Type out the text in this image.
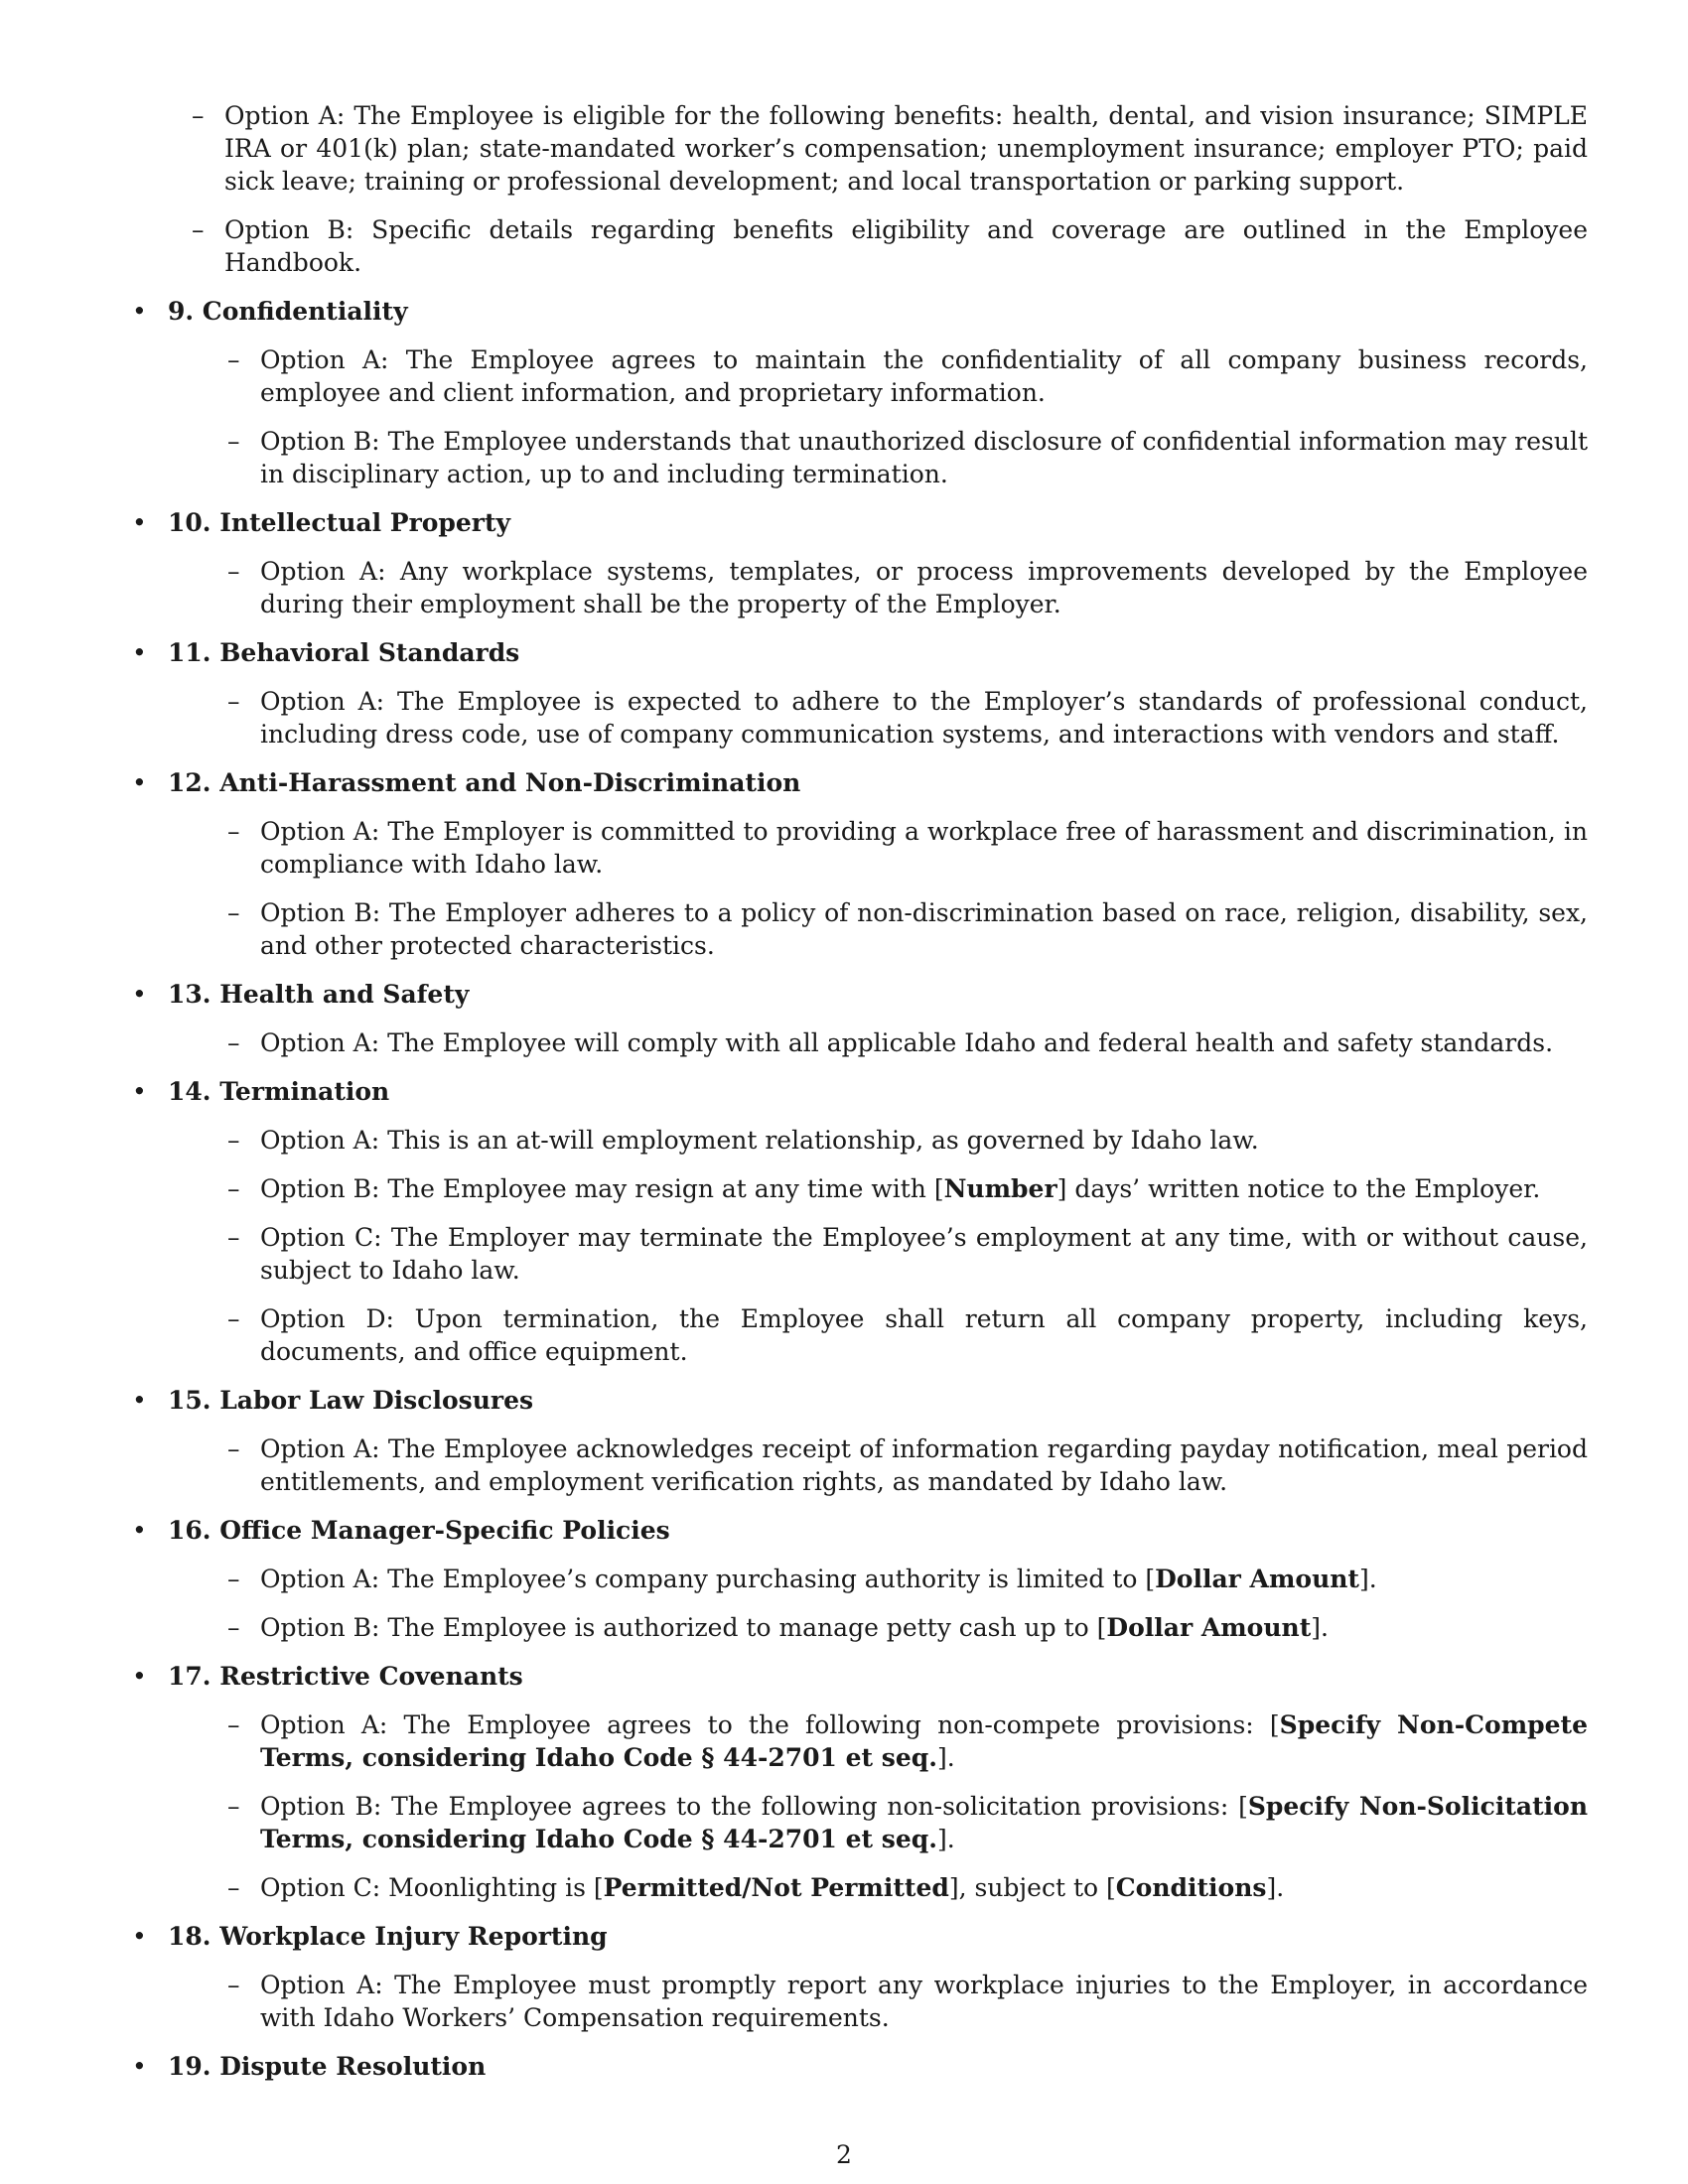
– Option A: The Employee is eligible for the following benefits: health, dental, and vision insurance; SIMPLE IRA or 401(k) plan; state-mandated worker’s compensation; unemployment insurance; employer PTO; paid sick leave; training or professional development; and local transportation or parking support.
– Option B: Specific details regarding benefits eligibility and coverage are outlined in the Employee Handbook.
• 9. Confidentiality
– Option A: The Employee agrees to maintain the confidentiality of all company business records, employee and client information, and proprietary information.
– Option B: The Employee understands that unauthorized disclosure of confidential information may result in disciplinary action, up to and including termination.
• 10. Intellectual Property
– Option A: Any workplace systems, templates, or process improvements developed by the Employee during their employment shall be the property of the Employer.
• 11. Behavioral Standards
– Option A: The Employee is expected to adhere to the Employer’s standards of professional conduct, including dress code, use of company communication systems, and interactions with vendors and staff.
• 12. Anti-Harassment and Non-Discrimination
– Option A: The Employer is committed to providing a workplace free of harassment and discrimination, in compliance with Idaho law.
– Option B: The Employer adheres to a policy of non-discrimination based on race, religion, disability, sex, and other protected characteristics.
• 13. Health and Safety
– Option A: The Employee will comply with all applicable Idaho and federal health and safety standards.
• 14. Termination
– Option A: This is an at-will employment relationship, as governed by Idaho law.
– Option B: The Employee may resign at any time with [Number] days’ written notice to the Employer.
– Option C: The Employer may terminate the Employee’s employment at any time, with or without cause, subject to Idaho law.
– Option D: Upon termination, the Employee shall return all company property, including keys, documents, and office equipment.
• 15. Labor Law Disclosures
– Option A: The Employee acknowledges receipt of information regarding payday notification, meal period entitlements, and employment verification rights, as mandated by Idaho law.
• 16. Office Manager-Specific Policies
– Option A: The Employee’s company purchasing authority is limited to [Dollar Amount].
– Option B: The Employee is authorized to manage petty cash up to [Dollar Amount].
• 17. Restrictive Covenants
– Option A: The Employee agrees to the following non-compete provisions: [Specify Non-Compete Terms, considering Idaho Code § 44-2701 et seq.].
– Option B: The Employee agrees to the following non-solicitation provisions: [Specify Non-Solicitation Terms, considering Idaho Code § 44-2701 et seq.].
– Option C: Moonlighting is [Permitted/Not Permitted], subject to [Conditions].
• 18. Workplace Injury Reporting
– Option A: The Employee must promptly report any workplace injuries to the Employer, in accordance with Idaho Workers’ Compensation requirements.
• 19. Dispute Resolution
2
